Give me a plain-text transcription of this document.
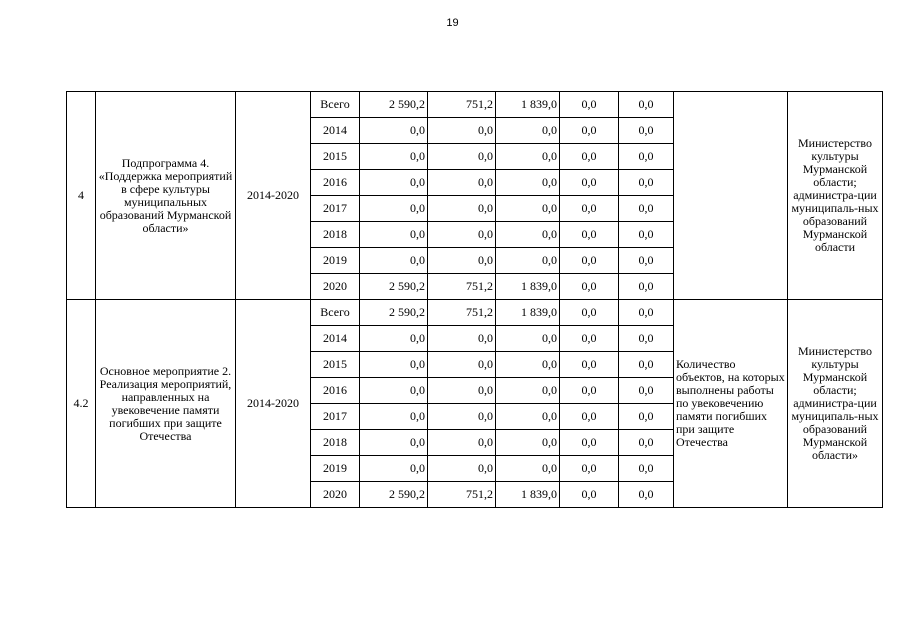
19
4	Подпрограмма 4. «Поддержка мероприятий в сфере культуры муниципальных образований Мурманской области»	2014-2020	Всего	2 590,2	751,2	1 839,0	0,0	0,0		Министерство культуры Мурманской области; администра-ции муниципаль-ных образований Мурманской области
			2014	0,0	0,0	0,0	0,0	0,0		
			2015	0,0	0,0	0,0	0,0	0,0		
			2016	0,0	0,0	0,0	0,0	0,0		
			2017	0,0	0,0	0,0	0,0	0,0		
			2018	0,0	0,0	0,0	0,0	0,0		
			2019	0,0	0,0	0,0	0,0	0,0		
			2020	2 590,2	751,2	1 839,0	0,0	0,0		
4.2	Основное мероприятие 2. Реализация мероприятий, направленных на увековечение памяти погибших при защите Отечества	2014-2020	Всего	2 590,2	751,2	1 839,0	0,0	0,0	Количество объектов, на которых выполнены работы по увековечению памяти погибших при защите Отечества	Министерство культуры Мурманской области; администра-ции муниципаль-ных образований Мурманской области»
			2014	0,0	0,0	0,0	0,0	0,0		
			2015	0,0	0,0	0,0	0,0	0,0		
			2016	0,0	0,0	0,0	0,0	0,0		
			2017	0,0	0,0	0,0	0,0	0,0		
			2018	0,0	0,0	0,0	0,0	0,0		
			2019	0,0	0,0	0,0	0,0	0,0		
			2020	2 590,2	751,2	1 839,0	0,0	0,0		
